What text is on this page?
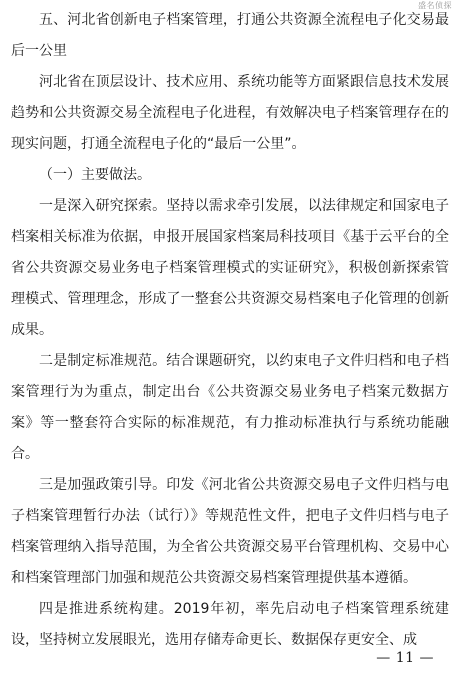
盛名侦探

五、河北省创新电子档案管理，打通公共资源全流程电子化交易最后一公里

河北省在顶层设计、技术应用、系统功能等方面紧跟信息技术发展趋势和公共资源交易全流程电子化进程，有效解决电子档案管理存在的现实问题，打通全流程电子化的“最后一公里”。

（一）主要做法。

一是深入研究探索。坚持以需求牵引发展，以法律规定和国家电子档案相关标准为依据，申报开展国家档案局科技项目《基于云平台的全省公共资源交易业务电子档案管理模式的实证研究》，积极创新探索管理模式、管理理念，形成了一整套公共资源交易档案电子化管理的创新成果。

二是制定标准规范。结合课题研究，以约束电子文件归档和电子档案管理行为为重点，制定出台《公共资源交易业务电子档案元数据方案》等一整套符合实际的标准规范，有力推动标准执行与系统功能融合。

三是加强政策引导。印发《河北省公共资源交易电子文件归档与电子档案管理暂行办法（试行）》等规范性文件，把电子文件归档与电子档案管理纳入指导范围，为全省公共资源交易平台管理机构、交易中心和档案管理部门加强和规范公共资源交易档案管理提供基本遵循。

四是推进系统构建。2019年初，率先启动电子档案管理系统建设，坚持树立发展眼光，选用存储寿命更长、数据保存更安全、成

— 11 —
